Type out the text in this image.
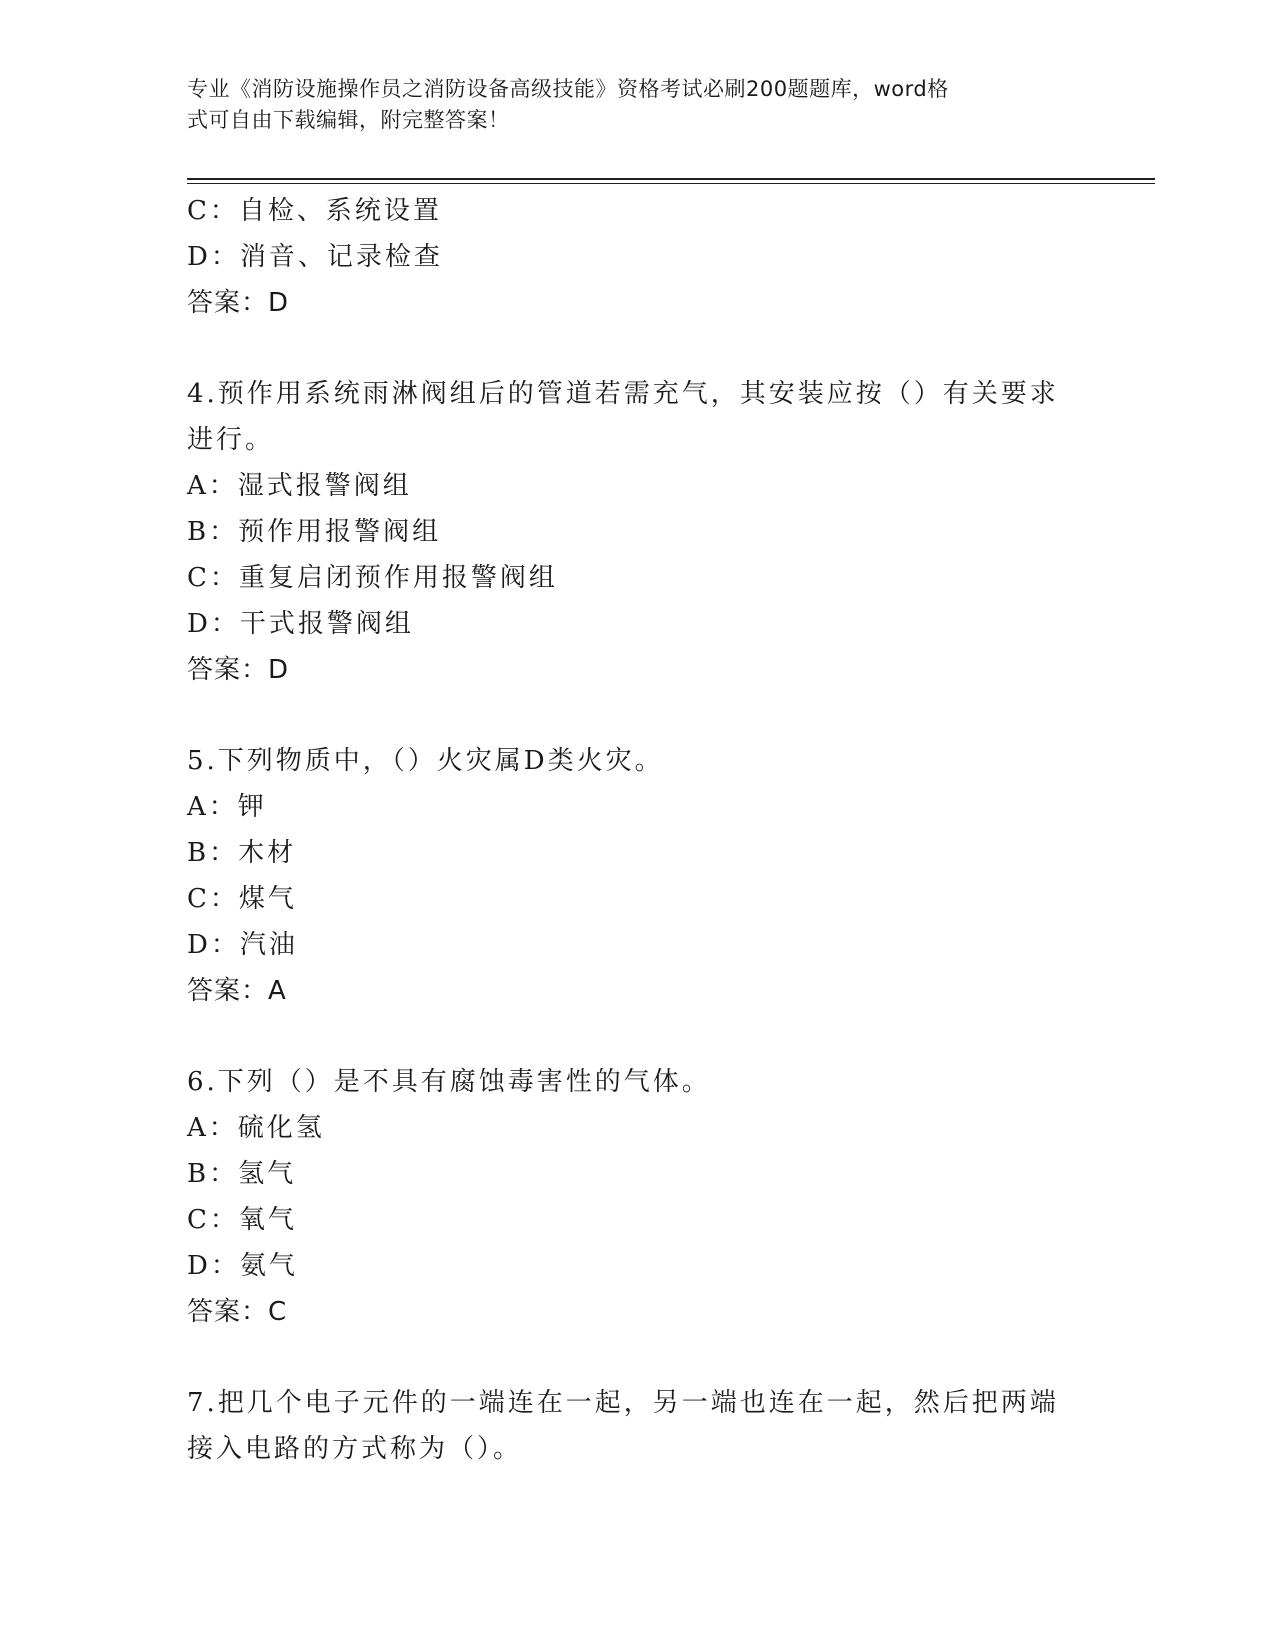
专业《消防设施操作员之消防设备高级技能》资格考试必刷200题题库，word格
式可自由下载编辑，附完整答案！
C：自检、系统设置
D：消音、记录检查
答案：D
4.预作用系统雨淋阀组后的管道若需充气，其安装应按（）有关要求
进行。
A：湿式报警阀组
B：预作用报警阀组
C：重复启闭预作用报警阀组
D：干式报警阀组
答案：D
5.下列物质中，（）火灾属D类火灾。
A：钾
B：木材
C：煤气
D：汽油
答案：A
6.下列（）是不具有腐蚀毒害性的气体。
A：硫化氢
B：氢气
C：氧气
D：氨气
答案：C
7.把几个电子元件的一端连在一起，另一端也连在一起，然后把两端
接入电路的方式称为（）。
